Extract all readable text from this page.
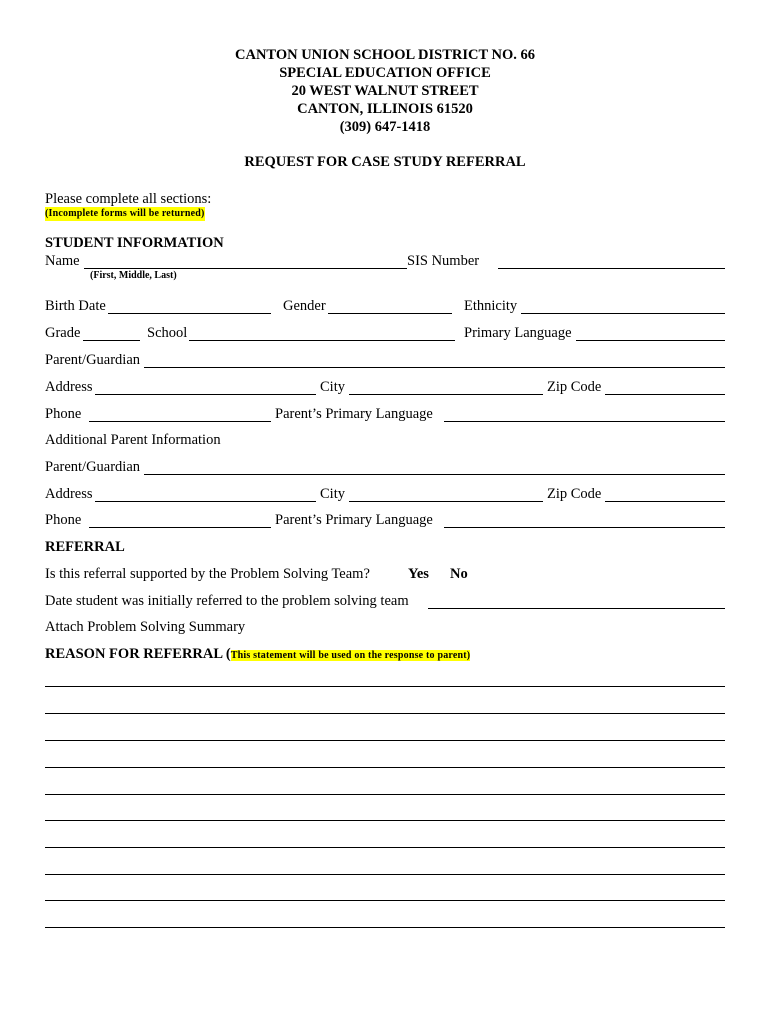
CANTON UNION SCHOOL DISTRICT NO. 66
SPECIAL EDUCATION OFFICE
20 WEST WALNUT STREET
CANTON, ILLINOIS 61520
(309) 647-1418
REQUEST FOR CASE STUDY REFERRAL
Please complete all sections:
(Incomplete forms will be returned)
STUDENT INFORMATION
Name	SIS Number
(First, Middle, Last)
Birth Date	Gender	Ethnicity
Grade	School	Primary Language
Parent/Guardian
Address	City	Zip Code
Phone	Parent’s Primary Language
Additional Parent Information
Parent/Guardian
Address	City	Zip Code
Phone	Parent’s Primary Language
REFERRAL
Is this referral supported by the Problem Solving Team?	Yes No
Date student was initially referred to the problem solving team
Attach Problem Solving Summary
REASON FOR REFERRAL (This statement will be used on the response to parent)
